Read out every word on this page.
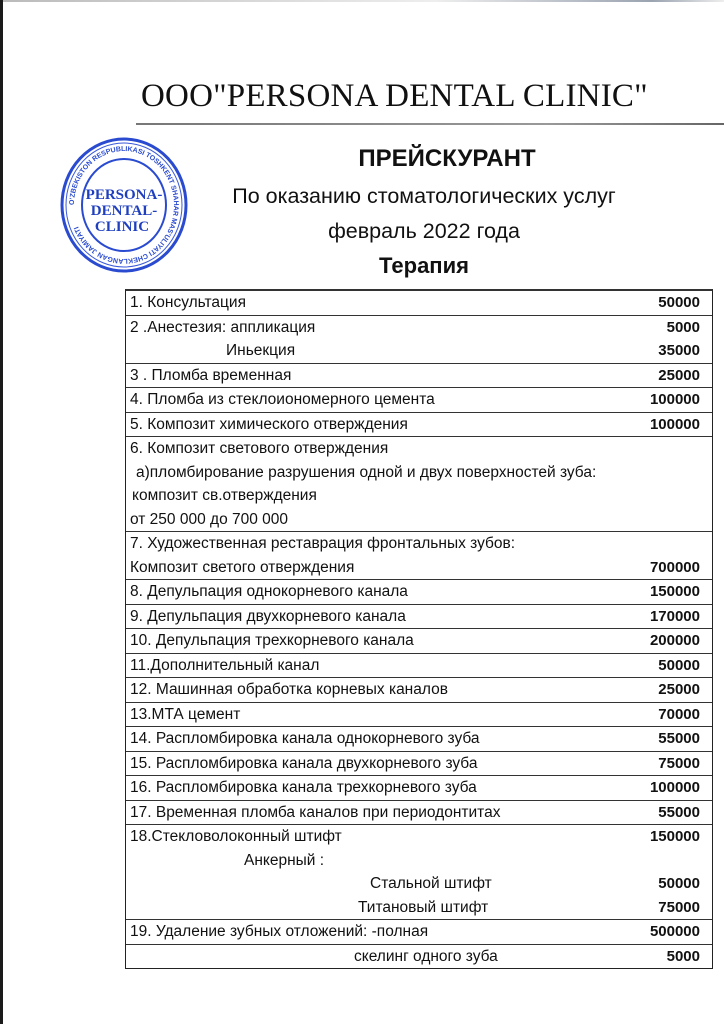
ООО"PERSONA DENTAL CLINIC"
O'ZBEKISTON RESPUBLIKASI TOSHKENT SHAHAR MAS'ULIYATI CHEKLANGAN JAMIYATI
PERSONA-
DENTAL-
CLINIC
ПРЕЙСКУРАНТ
По оказанию стоматологических услуг
февраль 2022 года
Терапия
1. Консультация	50000
2 .Анестезия: аппликация	5000
Иньекция	35000
3 . Пломба временная	25000
4. Пломба из стеклоиономерного цемента	100000
5. Композит химического отверждения	100000
6. Композит светового отверждения
а)пломбирование разрушения одной и двух поверхностей зуба:
композит св.отверждения
от 250 000 до 700 000
7. Художественная реставрация фронтальных зубов:
Композит светого отверждения	700000
8. Депульпация однокорневого канала	150000
9. Депульпация двухкорневого канала	170000
10. Депульпация трехкорневого канала	200000
11.Дополнительный канал	50000
12. Машинная обработка корневых каналов	25000
13.МТА цемент	70000
14. Распломбировка канала однокорневого зуба	55000
15. Распломбировка канала двухкорневого зуба	75000
16. Распломбировка канала трехкорневого зуба	100000
17. Временная пломба каналов при периодонтитах	55000
18.Стекловолоконный штифт	150000
Анкерный :
Стальной штифт	50000
Титановый штифт	75000
19. Удаление зубных отложений: -полная	500000
скелинг одного зуба	5000
